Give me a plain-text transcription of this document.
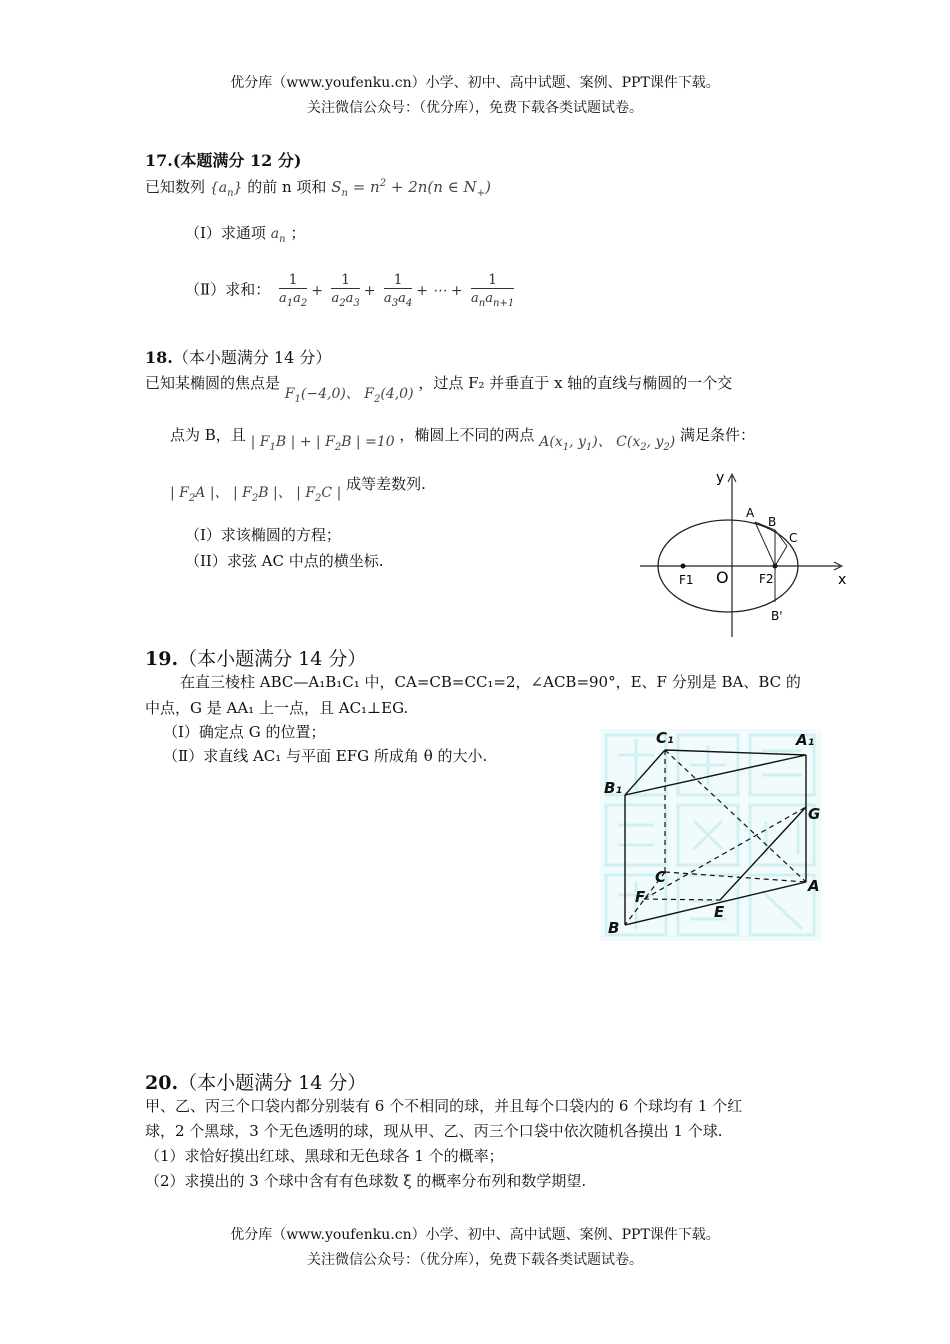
优分库（www.youfenku.cn）小学、初中、高中试题、案例、PPT课件下载。
关注微信公众号：（优分库），免费下载各类试题试卷。
17.(本题满分 12 分)
已知数列 $\{a_n\}$ 的前 n 项和 $S_n = n^2 + 2n(n$ ∈ $N_+$)
（Ⅰ）求通项 $a_n$ ；
（Ⅱ）求和： $\frac{1}{a_1a_2} + \frac{1}{a_2a_3} + \frac{1}{a_3a_4}$ + ⋯ + $\frac{1}{a_na_{n+1}}$
18.（本小题满分 14 分）
已知某椭圆的焦点是 $F_1(-4,0)$、 $F_2(4,0)$ ，过点 F₂ 并垂直于 x 轴的直线与椭圆的一个交
点为 B，且 | $F_1B$ | + | $F_2B$ | =10 ，椭圆上不同的两点 $A(x_1$, $y_1$)、 $C(x_2$, $y_2$) 满足条件：
| $F_2A$ |、 | $F_2B$ |、 | $F_2C$ | 成等差数列.
（I）求该椭圆的方程；
（II）求弦 AC 中点的横坐标.
y
x
O
F1	F2
A
B
C
B'
19.（本小题满分 14 分）
在直三棱柱 ABC—A₁B₁C₁ 中，CA=CB=CC₁=2，∠ACB=90°，E、F 分别是 BA、BC 的
中点，G 是 AA₁ 上一点，且 AC₁⊥EG.
（Ⅰ）确定点 G 的位置；
（Ⅱ）求直线 AC₁ 与平面 EFG 所成角 θ 的大小.
C₁	A₁
B₁
G
C	A
F
E
B
20.（本小题满分 14 分）
甲、乙、丙三个口袋内都分别装有 6 个不相同的球，并且每个口袋内的 6 个球均有 1 个红
球，2 个黑球，3 个无色透明的球，现从甲、乙、丙三个口袋中依次随机各摸出 1 个球.
（1）求恰好摸出红球、黑球和无色球各 1 个的概率；
（2）求摸出的 3 个球中含有有色球数 ξ 的概率分布列和数学期望.
优分库（www.youfenku.cn）小学、初中、高中试题、案例、PPT课件下载。
关注微信公众号：（优分库），免费下载各类试题试卷。
